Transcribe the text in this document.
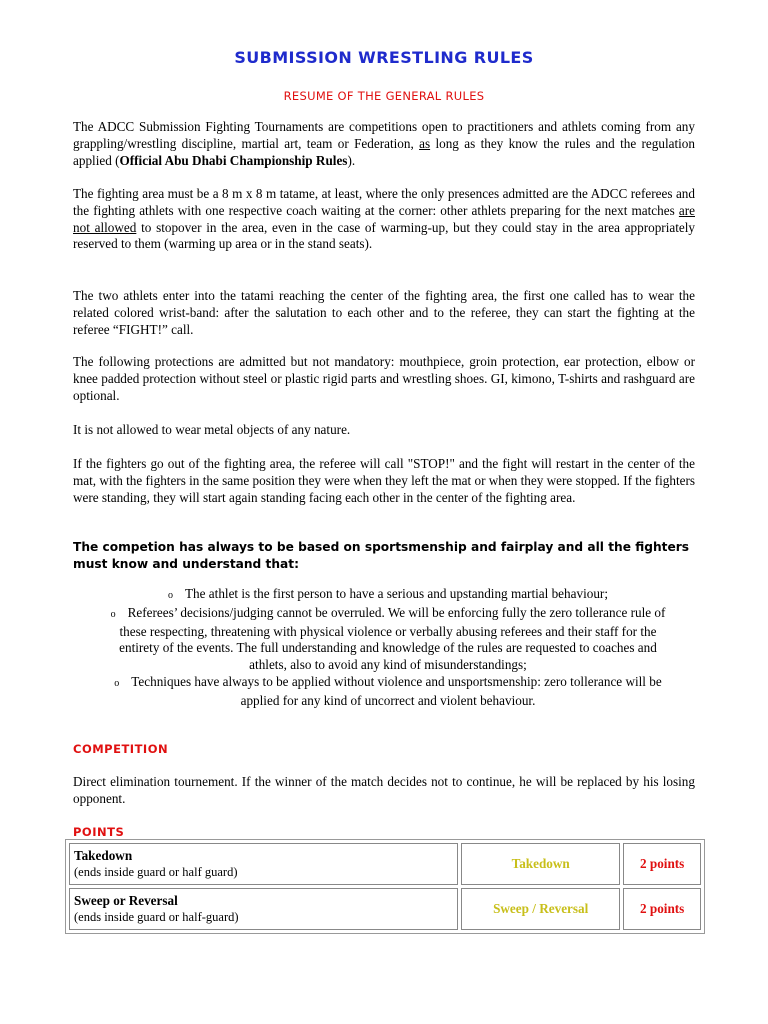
SUBMISSION WRESTLING RULES
RESUME OF THE GENERAL RULES
The ADCC Submission Fighting Tournaments are competitions open to practitioners and athlets coming from any grappling/wrestling discipline, martial art, team or Federation, as long as they know the rules and the regulation applied (Official Abu Dhabi Championship Rules).
The fighting area must be a 8 m x 8 m tatame, at least, where the only presences admitted are the ADCC referees and the fighting athlets with one respective coach waiting at the corner: other athlets preparing for the next matches are not allowed to stopover in the area, even in the case of warming-up, but they could stay in the area appropriately reserved to them (warming up area or in the stand seats).
The two athlets enter into the tatami reaching the center of the fighting area, the first one called has to wear the related colored wrist-band: after the salutation to each other and to the referee, they can start the fighting at the referee “FIGHT!” call.
The following protections are admitted but not mandatory: mouthpiece, groin protection, ear protection, elbow or knee padded protection without steel or plastic rigid parts and wrestling shoes. GI, kimono, T-shirts and rashguard are optional.
It is not allowed to wear metal objects of any nature.
If the fighters go out of the fighting area, the referee will call "STOP!" and the fight will restart in the center of the mat, with the fighters in the same position they were when they left the mat or when they were stopped. If the fighters were standing, they will start again standing facing each other in the center of the fighting area.
The competion has always to be based on sportsmenship and fairplay and all the fighters must know and understand that:
o The athlet is the first person to have a serious and upstanding martial behaviour;
o Referees’ decisions/judging cannot be overruled. We will be enforcing fully the zero tollerance rule of these respecting, threatening with physical violence or verbally abusing referees and their staff for the entirety of the events. The full understanding and knowledge of the rules are requested to coaches and athlets, also to avoid any kind of misunderstandings;
o Techniques have always to be applied without violence and unsportsmenship: zero tollerance will be applied for any kind of uncorrect and violent behaviour.
COMPETITION
Direct elimination tournement. If the winner of the match decides not to continue, he will be replaced by his losing opponent.
POINTS
Takedown
(ends inside guard or half guard)	Takedown	2 points
Sweep or Reversal
(ends inside guard or half-guard)	Sweep / Reversal	2 points
